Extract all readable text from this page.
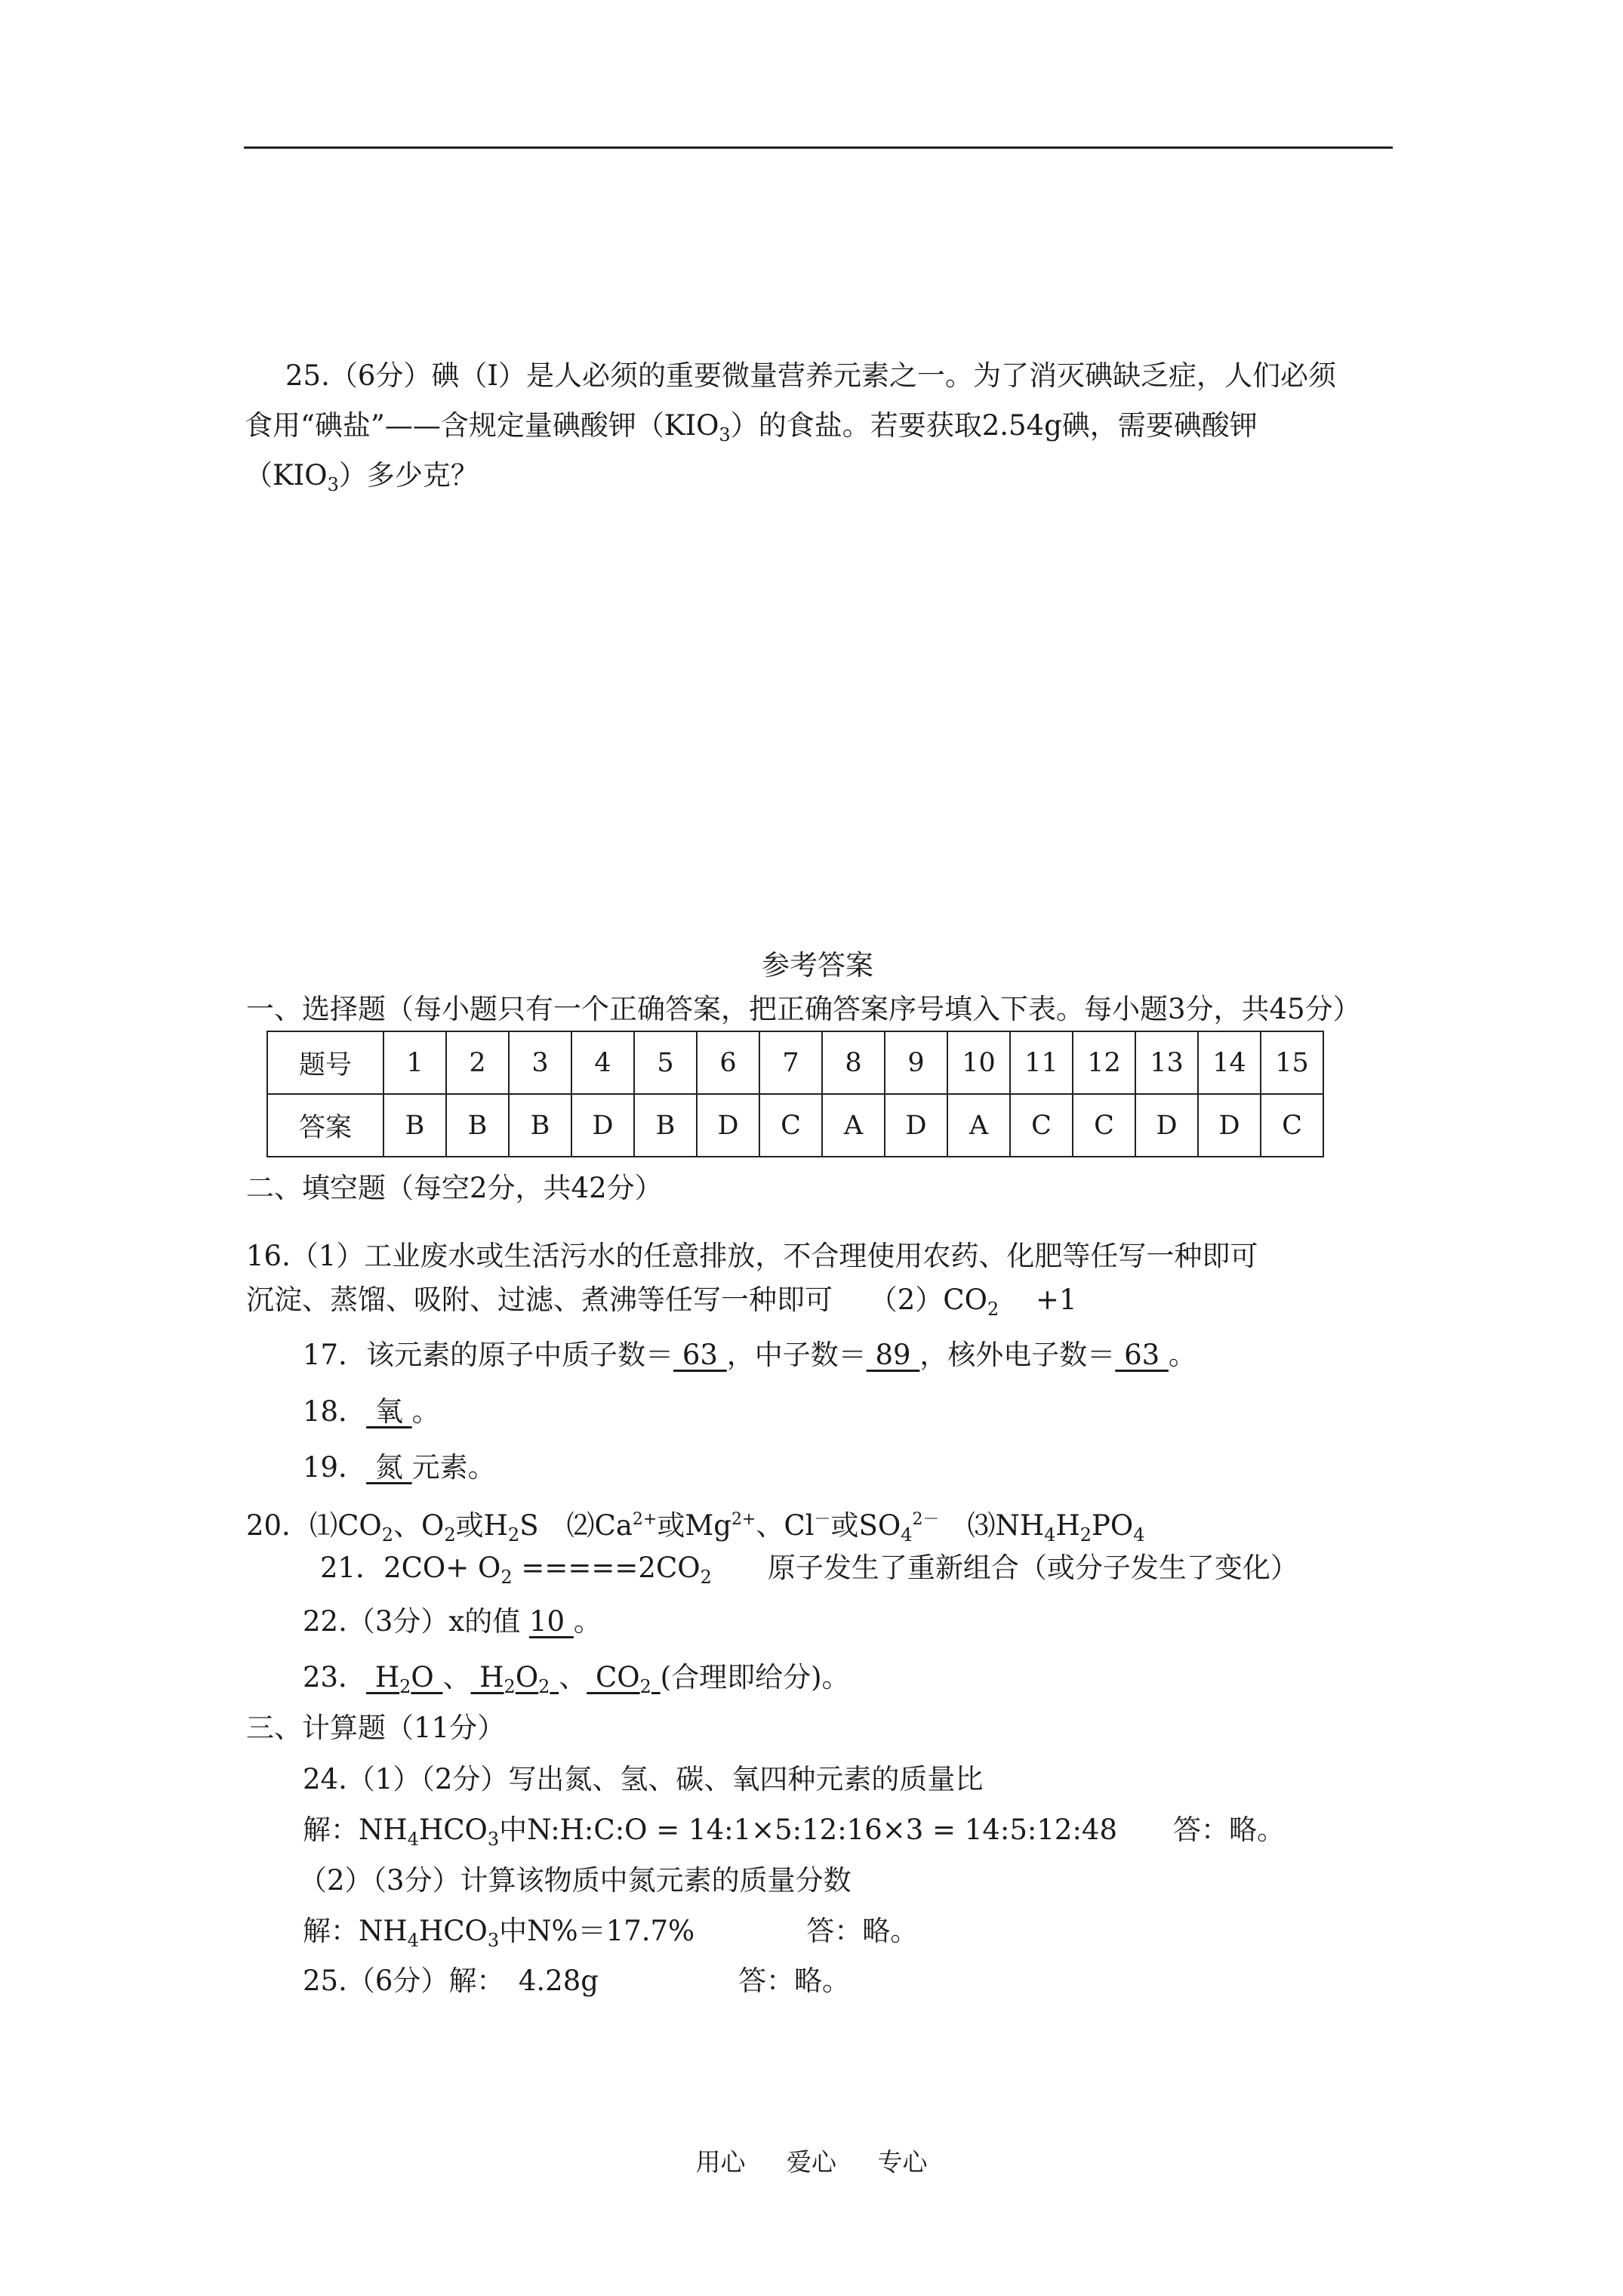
25.（6分）碘（I）是人必须的重要微量营养元素之一。为了消灭碘缺乏症，人们必须
食用“碘盐”——含规定量碘酸钾$(KIO_3)$的食盐。若要获取2.54g碘，需要碘酸钾
$(KIO_3)$多少克？
参考答案
一、选择题（每小题只有一个正确答案，把正确答案序号填入下表。每小题3分，共45分）
题号	1	2	3	4	5	6	7	8	9	10	11	12	13	14	15
答案	B	B	B	D	B	D	C	A	D	A	C	C	D	D	C
二、填空题（每空2分，共42分）
16.（1）工业废水或生活污水的任意排放，不合理使用农药、化肥等任写一种即可
沉淀、蒸馏、吸附、过滤、煮沸等任写一种即可　 $(2)CO_2$　 +1
17．该元素的原子中质子数＝ 63 ，中子数＝ 89 ，核外电子数＝ 63 。
18． 氧 。
19． 氮 元素。
20．$⑴CO_2$、$O_2$或$H_2S$　$⑵Ca^{2+}$或$Mg^{2+}$、Cl－或$SO_4^{2-}$　$⑶NH_4H_2PO_4$
21．$2CO+ O_2 =====2CO_2$　　原子发生了重新组合（或分子发生了变化）
22.（3分）x的值 10 。
23． $H_2O$ 、 $H_2O_2$ 、 $CO_2$ (合理即给分)。
三、计算题（11分）
24.（1）（2分）写出氮、氢、碳、氧四种元素的质量比
解：$NH_4HCO_3$中N:H:C:O = 14:1×5:12:16×3 = 14:5:12:48　　答：略。
（2）（3分）计算该物质中氮元素的质量分数
解：$NH_4HCO_3$中N%＝17.7%　　　　答：略。
25.（6分）解：　4.28g　　　　　答：略。
用心 爱心 专心
